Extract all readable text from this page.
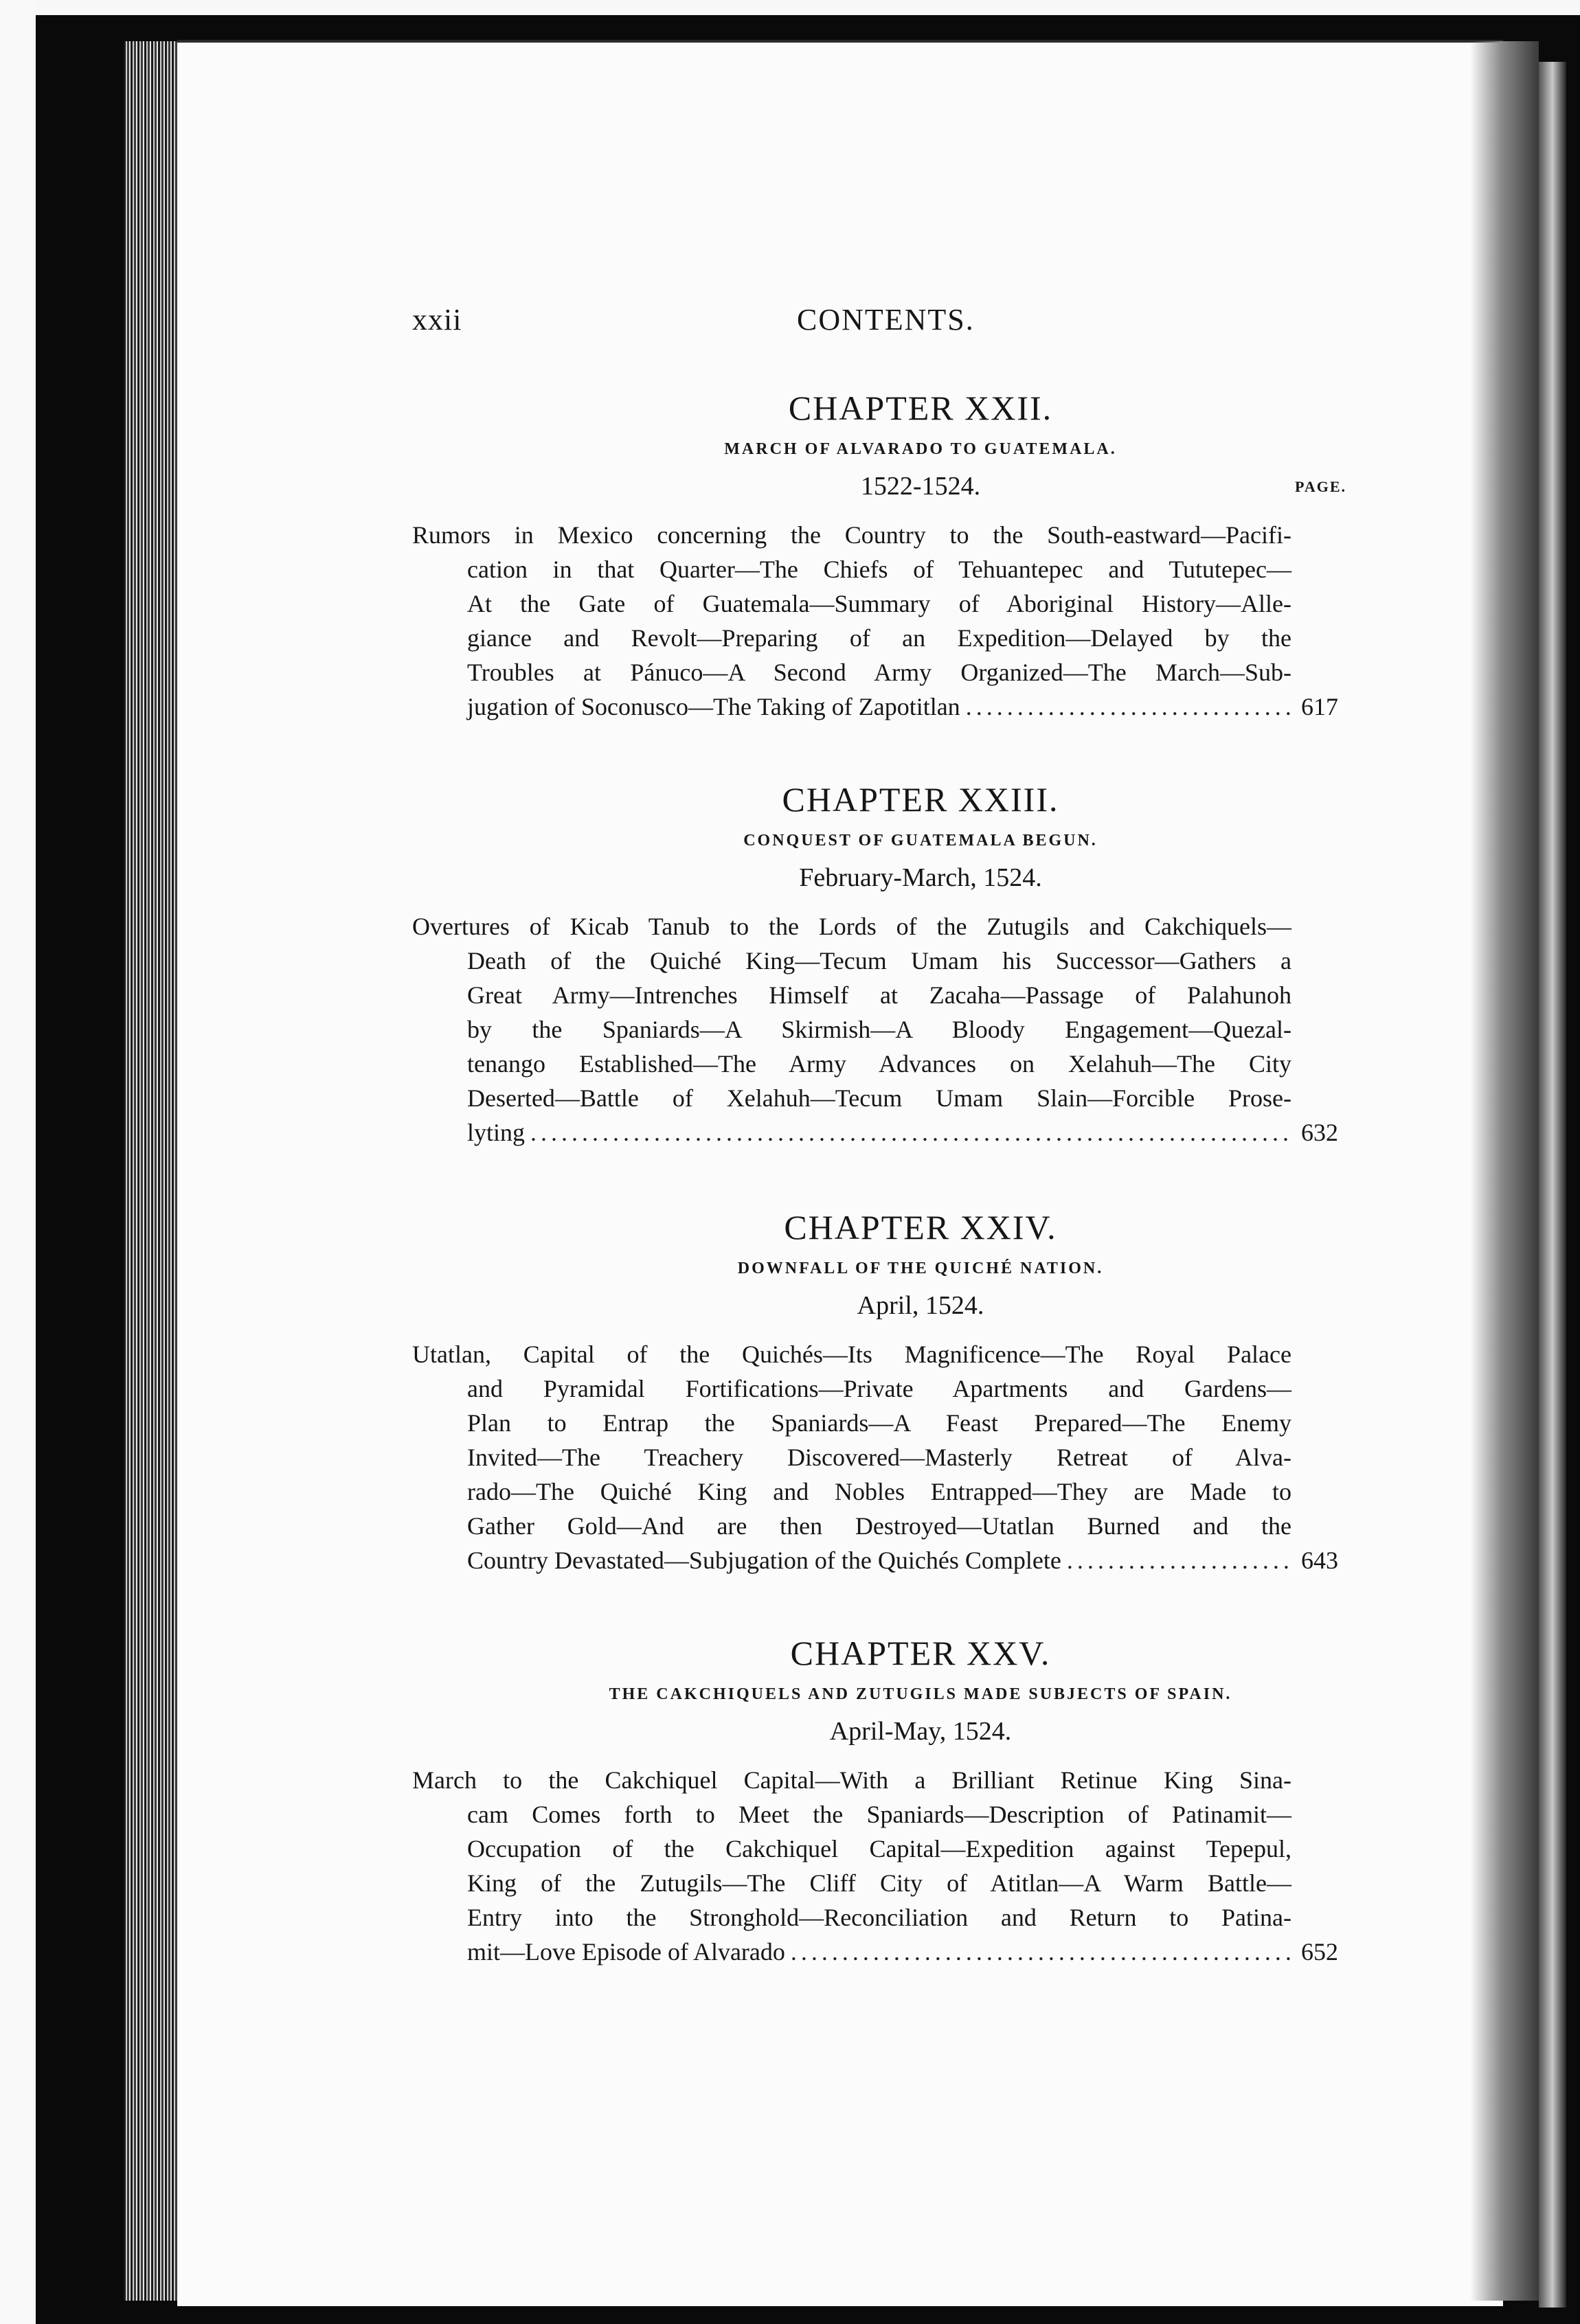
xxii	CONTENTS.
CHAPTER XXII.
MARCH OF ALVARADO TO GUATEMALA.
1522-1524.	PAGE.
Rumors in Mexico concerning the Country to the South-eastward—Pacifi-
cation in that Quarter—The Chiefs of Tehuantepec and Tututepec—
At the Gate of Guatemala—Summary of Aboriginal History—Alle-
giance and Revolt—Preparing of an Expedition—Delayed by the
Troubles at Pánuco—A Second Army Organized—The March—Sub-
jugation of Soconusco—The Taking of Zapotitlan .....	617
CHAPTER XXIII.
CONQUEST OF GUATEMALA BEGUN.
February-March, 1524.
Overtures of Kicab Tanub to the Lords of the Zutugils and Cakchiquels—
Death of the Quiché King—Tecum Umam his Successor—Gathers a
Great Army—Intrenches Himself at Zacaha—Passage of Palahunoh
by the Spaniards—A Skirmish—A Bloody Engagement—Quezal-
tenango Established—The Army Advances on Xelahuh—The City
Deserted—Battle of Xelahuh—Tecum Umam Slain—Forcible Prose-
lyting .....	632
CHAPTER XXIV.
DOWNFALL OF THE QUICHÉ NATION.
April, 1524.
Utatlan, Capital of the Quichés—Its Magnificence—The Royal Palace
and Pyramidal Fortifications—Private Apartments and Gardens—
Plan to Entrap the Spaniards—A Feast Prepared—The Enemy
Invited—The Treachery Discovered—Masterly Retreat of Alva-
rado—The Quiché King and Nobles Entrapped—They are Made to
Gather Gold—And are then Destroyed—Utatlan Burned and the
Country Devastated—Subjugation of the Quichés Complete .....	643
CHAPTER XXV.
THE CAKCHIQUELS AND ZUTUGILS MADE SUBJECTS OF SPAIN.
April-May, 1524.
March to the Cakchiquel Capital—With a Brilliant Retinue King Sina-
cam Comes forth to Meet the Spaniards—Description of Patinamit—
Occupation of the Cakchiquel Capital—Expedition against Tepepul,
King of the Zutugils—The Cliff City of Atitlan—A Warm Battle—
Entry into the Stronghold—Reconciliation and Return to Patina-
mit—Love Episode of Alvarado .....	652
